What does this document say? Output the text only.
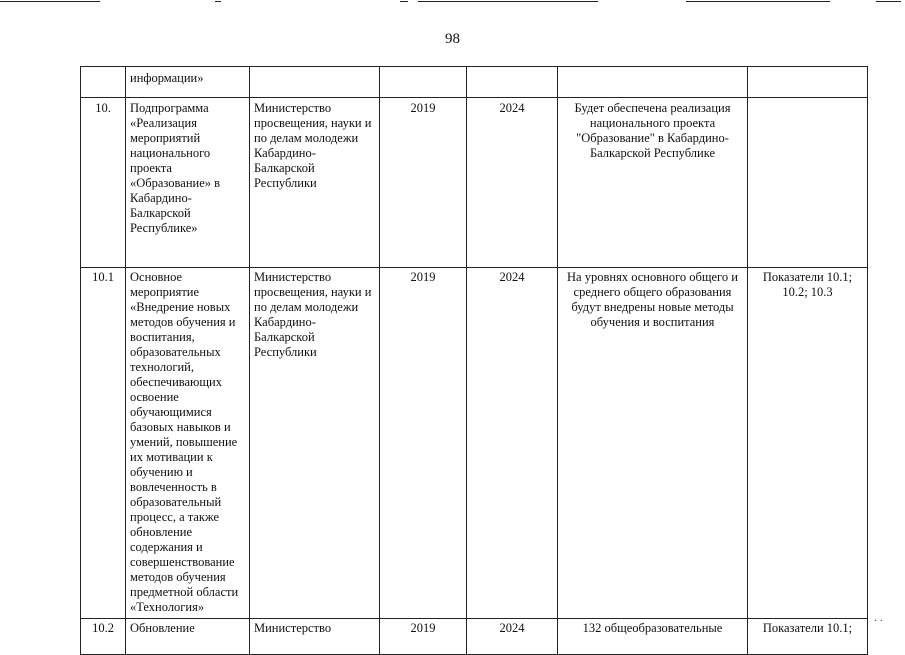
98
	информации»					
10.	Подпрограмма «Реализация мероприятий национального проекта «Образование» в Кабардино-Балкарской Республике»	Министерство просвещения, науки и по делам молодежи Кабардино-Балкарской Республики	2019	2024	Будет обеспечена реализация национального проекта "Образование" в Кабардино-Балкарской Республике	
10.1	Основное мероприятие «Внедрение новых методов обучения и воспитания, образовательных технологий, обеспечивающих освоение обучающимися базовых навыков и умений, повышение их мотивации к обучению и вовлеченность в образовательный процесс, а также обновление содержания и совершенствование методов обучения предметной области «Технология»	Министерство просвещения, науки и по делам молодежи Кабардино-Балкарской Республики	2019	2024	На уровнях основного общего и среднего общего образования будут внедрены новые методы обучения и воспитания	Показатели 10.1; 10.2; 10.3
10.2	Обновление	Министерство	2019	2024	132 общеобразовательные	Показатели 10.1; · ·
